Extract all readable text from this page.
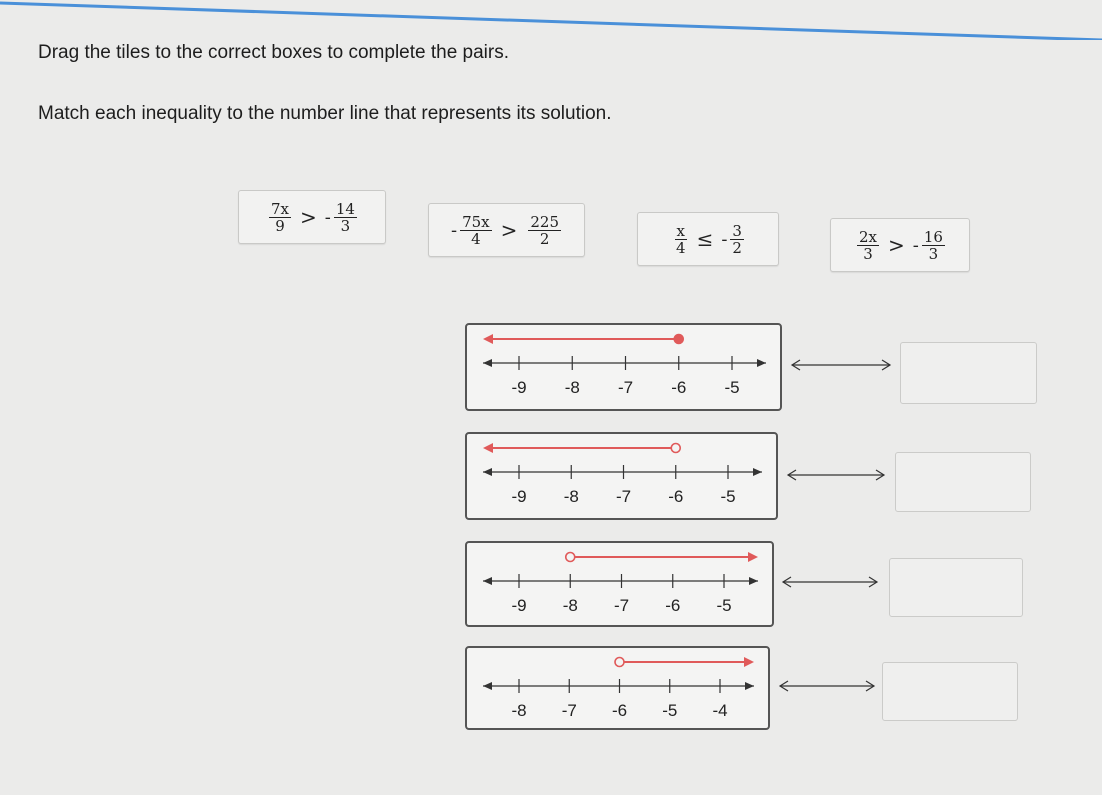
Drag the tiles to the correct boxes to complete the pairs.
Match each inequality to the number line that represents its solution.
$\frac{7x}{9}$ > - $\frac{14}{3}$	- $\frac{75x}{4} > \frac{225}{2}$	$\frac{x}{4}$ ≤ - $\frac{3}{2}$	$\frac{2x}{3}$ > - $\frac{16}{3}$
-9 -8 -7 -6 -5
-9 -8 -7 -6 -5
-9 -8 -7 -6 -5
-8 -7 -6 -5 -4
